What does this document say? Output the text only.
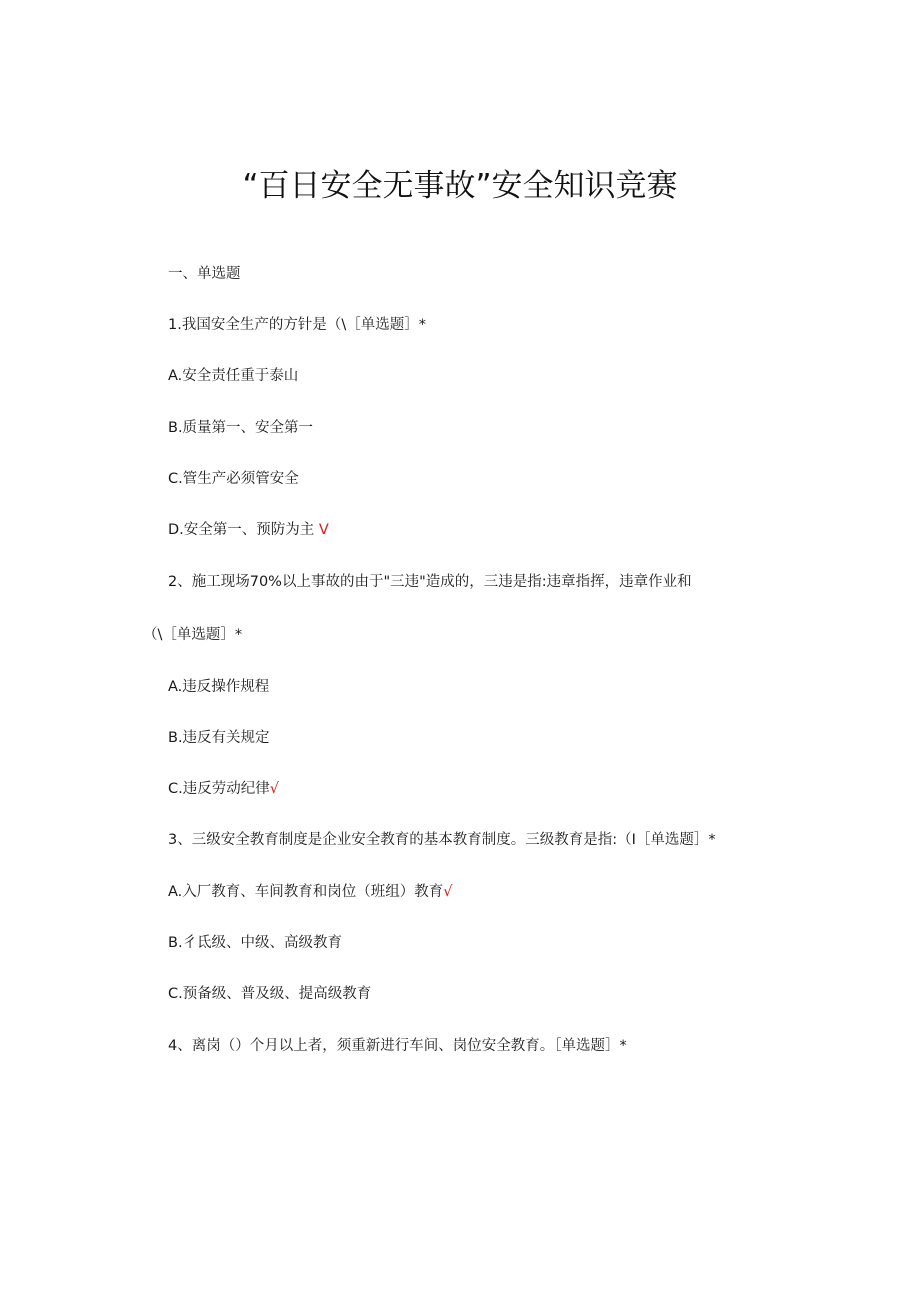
“百日安全无事故”安全知识竞赛
一、单选题
1.我国安全生产的方针是（\［单选题］*
A.安全责任重于泰山
B.质量第一、安全第一
C.管生产必须管安全
D.安全第一、预防为主 V
2、施工现场70%以上事故的由于"三违"造成的，三违是指:违章指挥，违章作业和
（\［单选题］*
A.违反操作规程
B.违反有关规定
C.违反劳动纪律√
3、三级安全教育制度是企业安全教育的基本教育制度。三级教育是指:（I［单选题］*
A.入厂教育、车间教育和岗位（班组）教育√
B.彳氐级、中级、高级教育
C.预备级、普及级、提高级教育
4、离岗（）个月以上者，须重新进行车间、岗位安全教育。［单选题］*
